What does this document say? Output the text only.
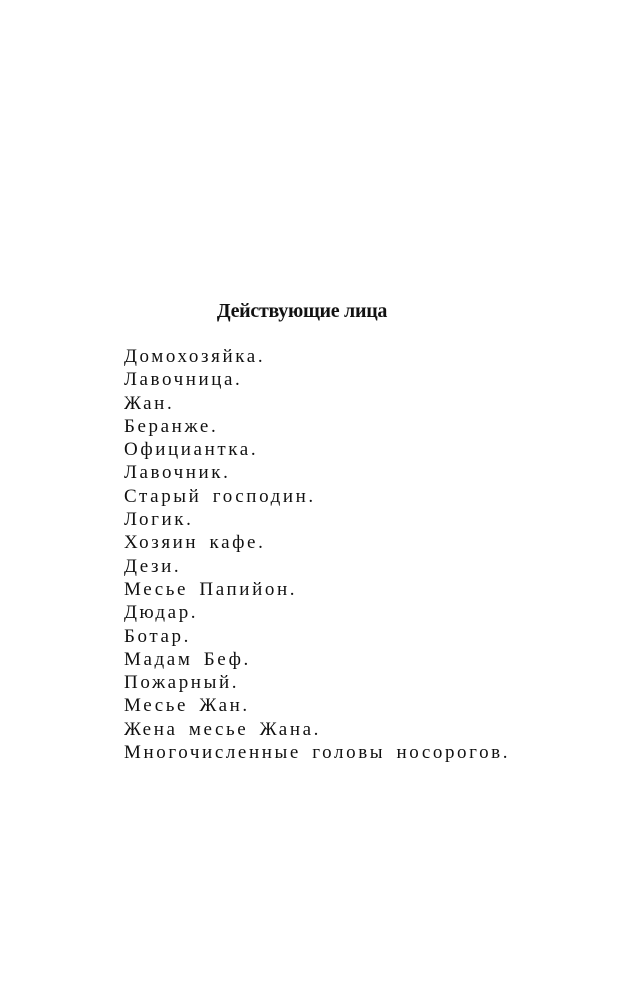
Действующие лица
Домохозяйка.
Лавочница.
Жан.
Беранже.
Официантка.
Лавочник.
Старый господин.
Логик.
Хозяин кафе.
Дези.
Месье Папийон.
Дюдар.
Ботар.
Мадам Беф.
Пожарный.
Месье Жан.
Жена месье Жана.
Многочисленные головы носорогов.
